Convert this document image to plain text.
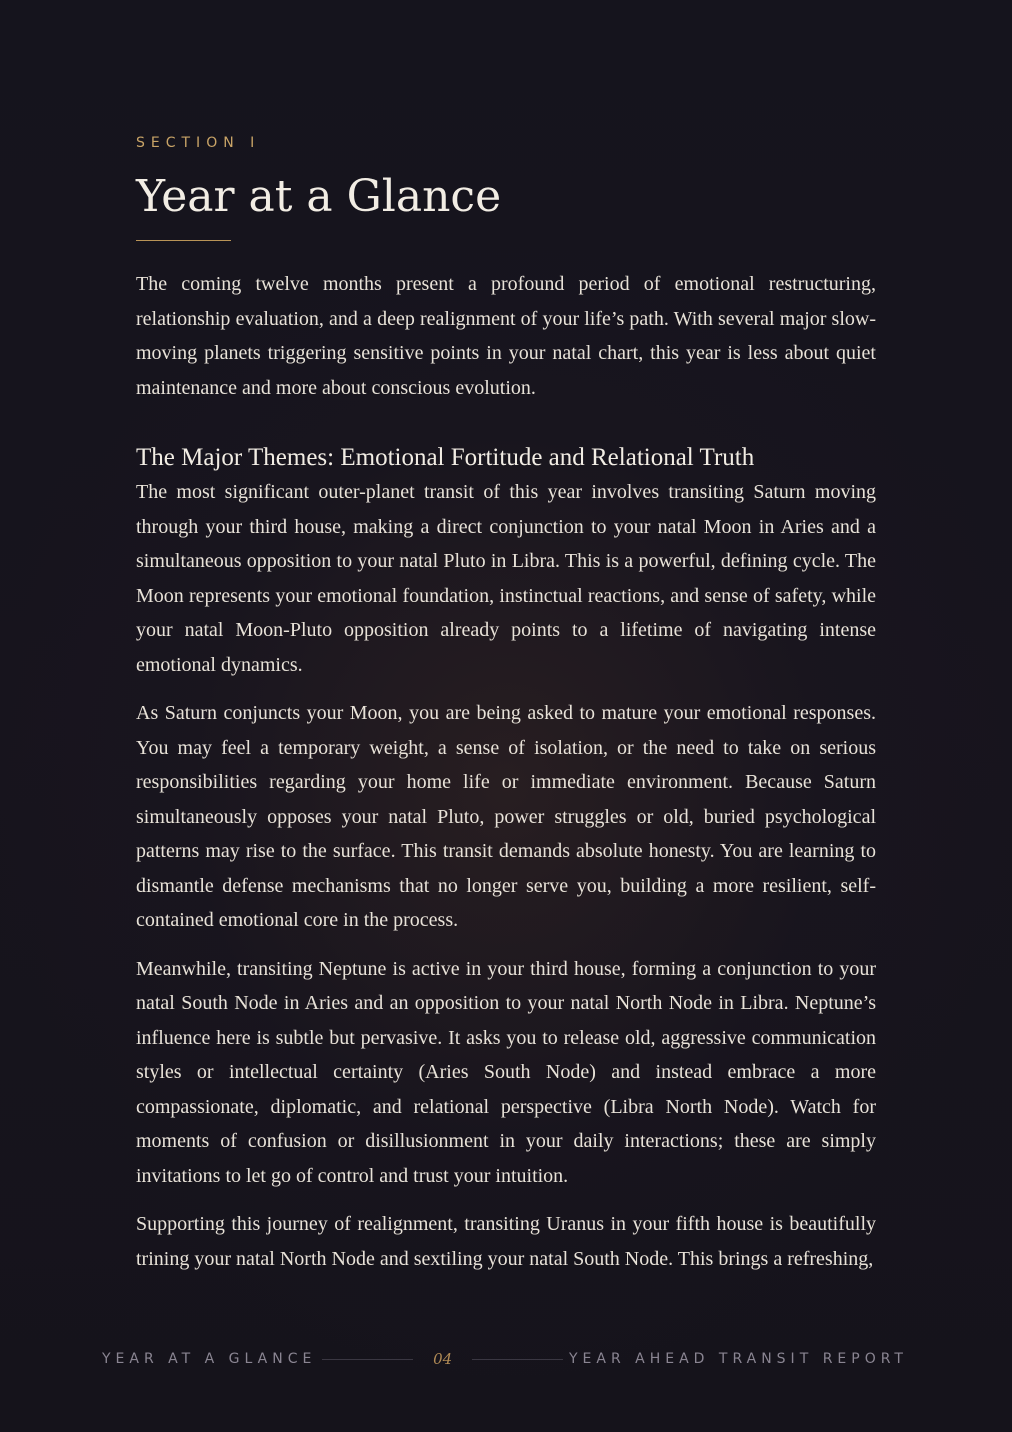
SECTION I

Year at a Glance

The coming twelve months present a profound period of emotional restructuring, relationship evaluation, and a deep realignment of your life’s path. With several major slow-moving planets triggering sensitive points in your natal chart, this year is less about quiet maintenance and more about conscious evolution.

The Major Themes: Emotional Fortitude and Relational Truth

The most significant outer-planet transit of this year involves transiting Saturn moving through your third house, making a direct conjunction to your natal Moon in Aries and a simultaneous opposition to your natal Pluto in Libra. This is a powerful, defining cycle. The Moon represents your emotional foundation, instinctual reactions, and sense of safety, while your natal Moon-Pluto opposition already points to a lifetime of navigating intense emotional dynamics.

As Saturn conjuncts your Moon, you are being asked to mature your emotional responses. You may feel a temporary weight, a sense of isolation, or the need to take on serious responsibilities regarding your home life or immediate environment. Because Saturn simultaneously opposes your natal Pluto, power struggles or old, buried psychological patterns may rise to the surface. This transit demands absolute honesty. You are learning to dismantle defense mechanisms that no longer serve you, building a more resilient, self-contained emotional core in the process.

Meanwhile, transiting Neptune is active in your third house, forming a conjunction to your natal South Node in Aries and an opposition to your natal North Node in Libra. Neptune’s influence here is subtle but pervasive. It asks you to release old, aggressive communication styles or intellectual certainty (Aries South Node) and instead embrace a more compassionate, diplomatic, and relational perspective (Libra North Node). Watch for moments of confusion or disillusionment in your daily interactions; these are simply invitations to let go of control and trust your intuition.

Supporting this journey of realignment, transiting Uranus in your fifth house is beautifully trining your natal North Node and sextiling your natal South Node. This brings a refreshing,

YEAR AT A GLANCE	04	YEAR AHEAD TRANSIT REPORT
